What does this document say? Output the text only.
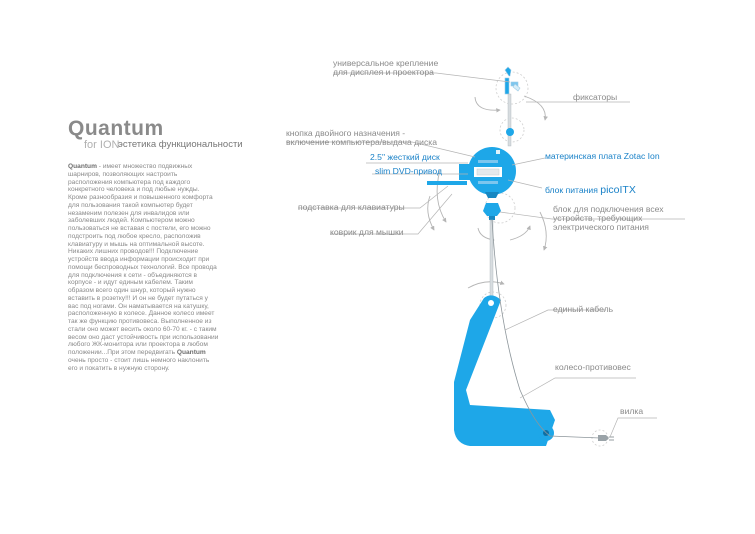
Quantum
for ION
эстетика функциональности
Quantum - имеет множество подвижных шарниров, позволяющих настроить расположения компьютера под каждого конкретного человека и под любые нужды. Кроме разнообразия и повышенного комфорта для пользования такой компьютер будет незаменим полезен для инвалидов или заболевших людей. Компьютером можно пользоваться не вставая с постели, его можно подстроить под любое кресло, расположив клавиатуру и мышь на оптимальной высоте. Никаких лишних проводов!!! Подключение устройств ввода информации происходит при помощи беспроводных технологий. Все провода для подключения к сети - объединяются в корпусе - и идут единым кабелем. Таким образом всего один шнур, который нужно вставить в розетку!!! И он не будет путаться у вас под ногами. Он наматывается на катушку, расположенную в колесе. Данное колесо имеет так же функцию противовеса. Выполненное из стали оно может весить около 60-70 кг. - с таким весом оно даст устойчивость при использовании любого ЖК-монитора или проектора в любом положении...При этом передвигать Quantum очень просто - стоит лишь немного наклонить его и покатить в нужную сторону.
универсальное крепление
для дисплея и проектора
фиксаторы
кнопка двойного назначения -
включение компьютера/выдача диска
2.5" жесткий диск
slim DVD-привод
материнская плата Zotac Ion
блок питания picoITX
подставка для клавиатуры
коврик для мышки
блок для подключения всех
устройств, требующих
электрического питания
единый кабель
колесо-противовес
вилка
